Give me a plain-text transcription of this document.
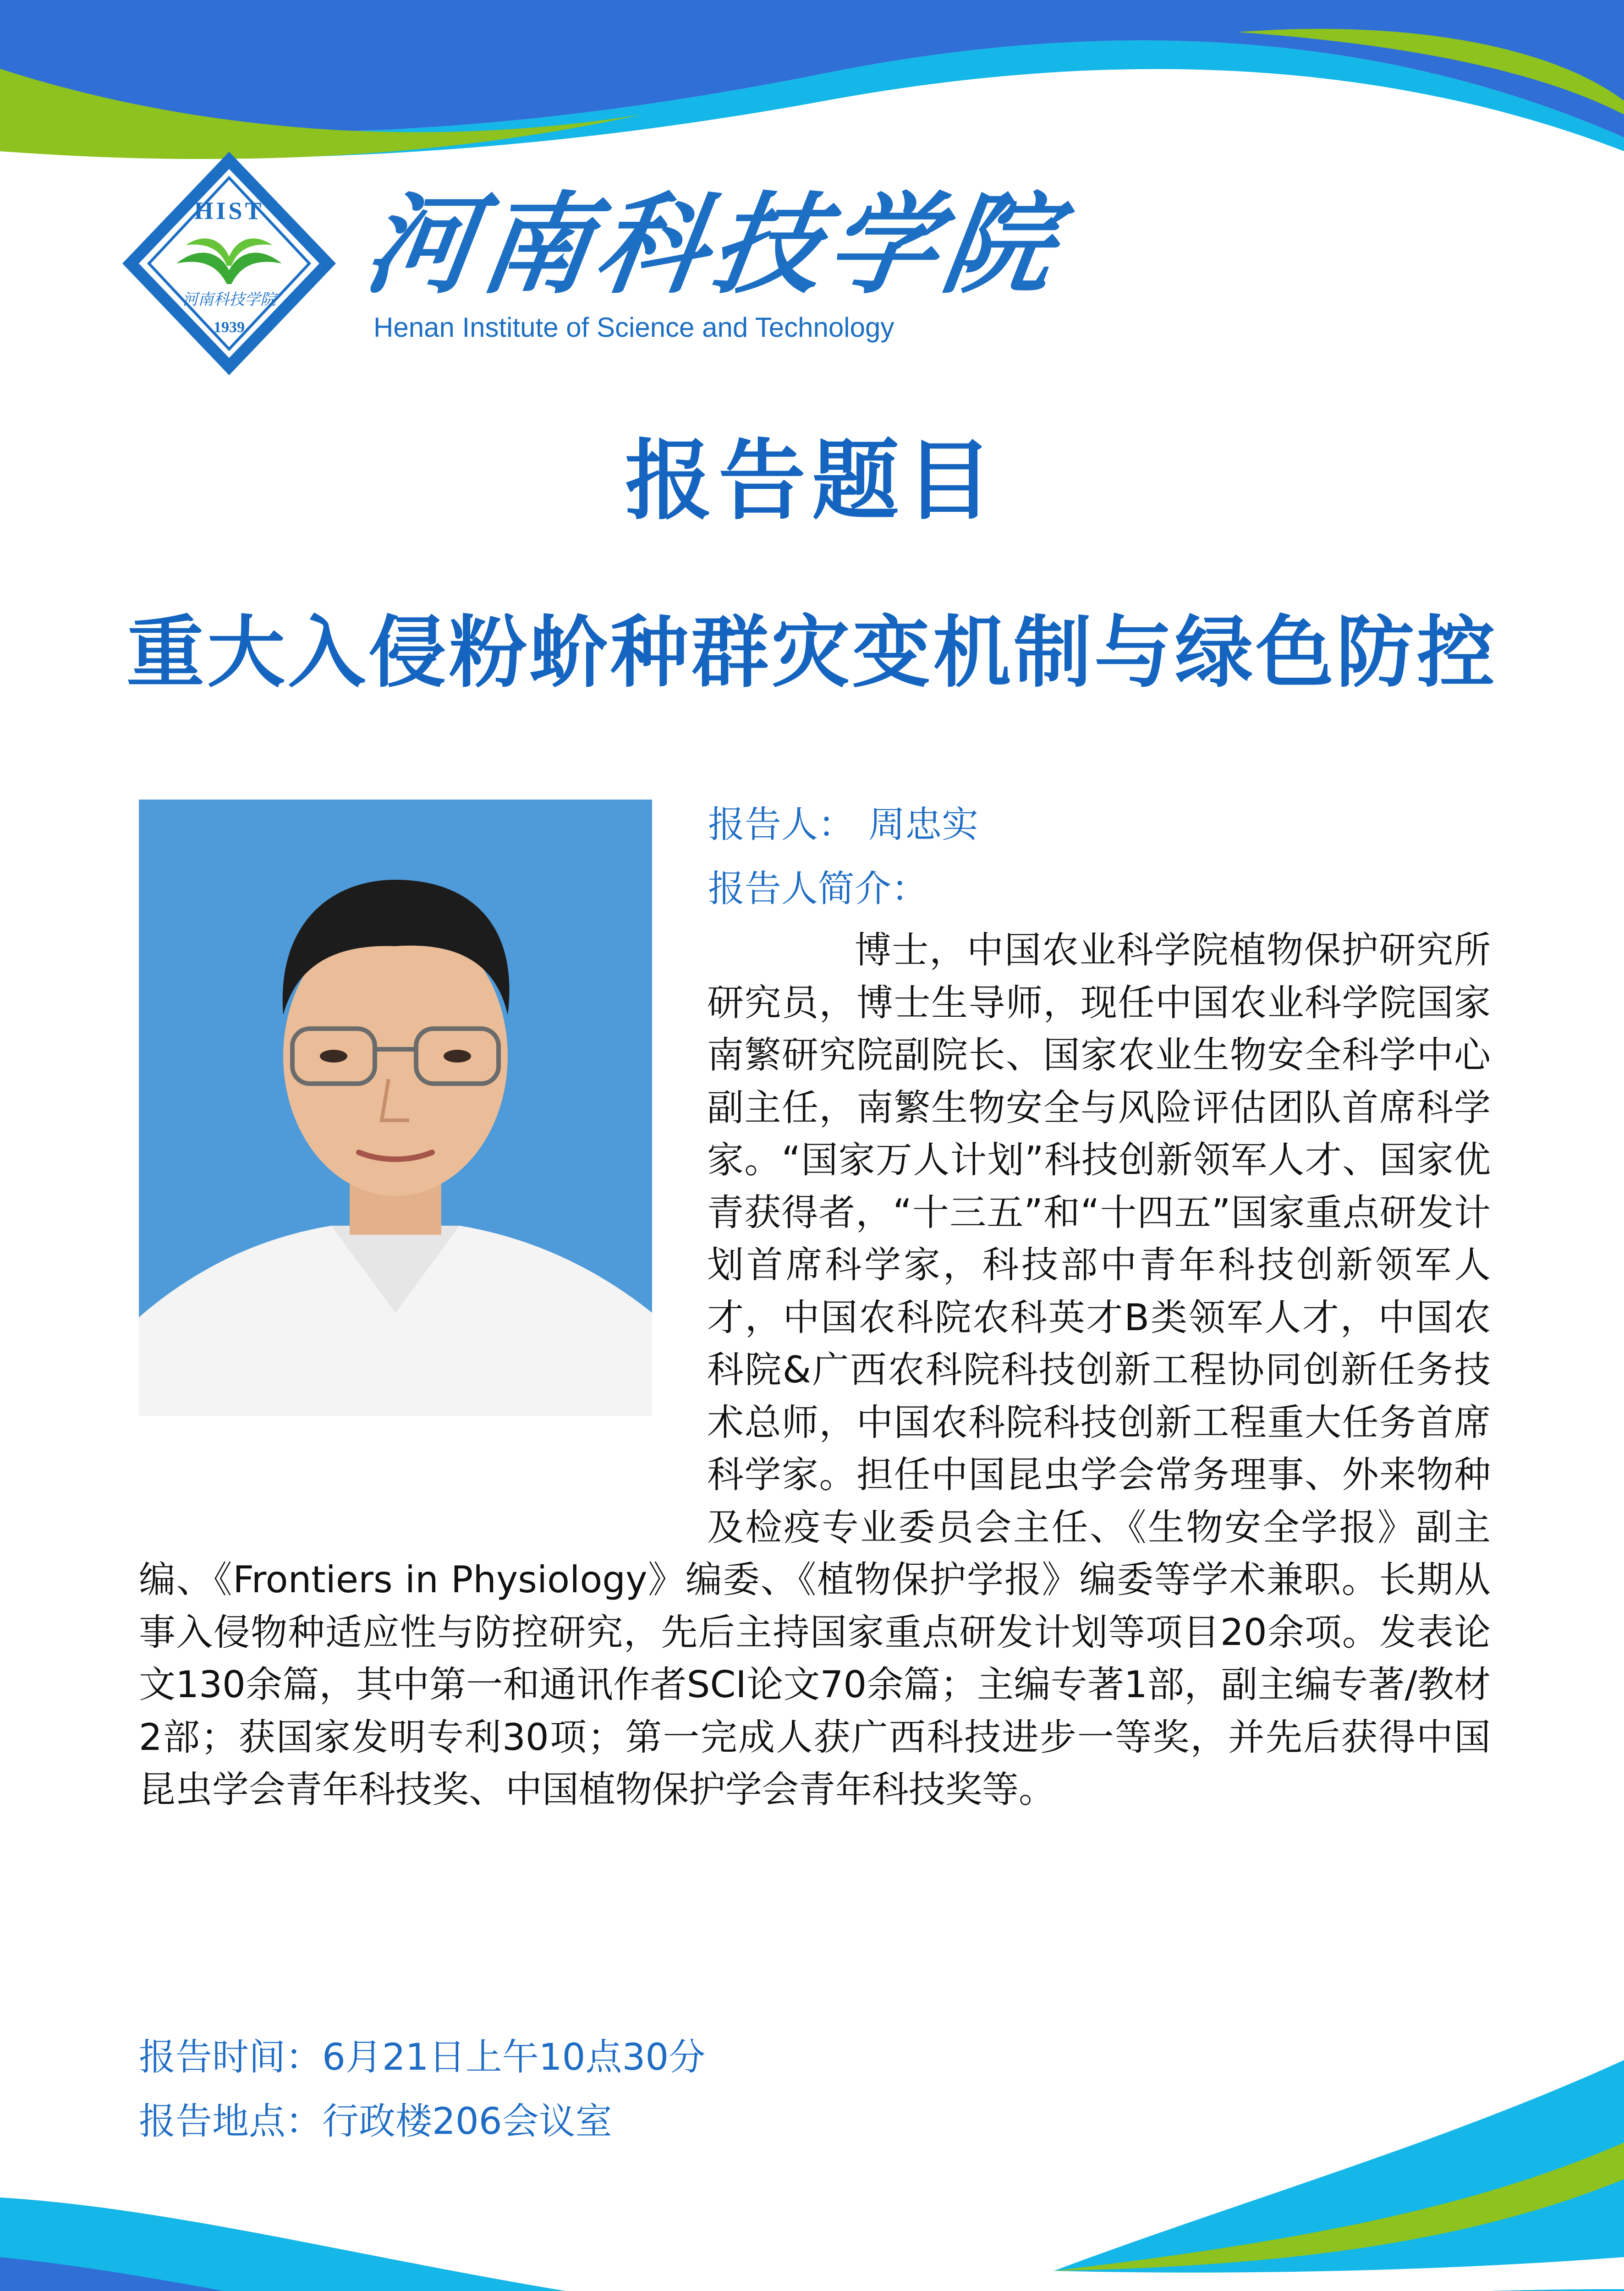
HIST
河南科技学院
1939
河南科技学院
Henan Institute of Science and Technology
报告题目
重大入侵粉蚧种群灾变机制与绿色防控
报告人： 周忠实
报告人简介：
博士，中国农业科学院植物保护研究所研究员，博士生导师，现任中国农业科学院国家南繁研究院副院长、国家农业生物安全科学中心副主任，南繁生物安全与风险评估团队首席科学家。“国家万人计划”科技创新领军人才、国家优青获得者，“十三五”和“十四五”国家重点研发计划首席科学家，科技部中青年科技创新领军人才，中国农科院农科英才B类领军人才，中国农科院&广西农科院科技创新工程协同创新任务技术总师，中国农科院科技创新工程重大任务首席科学家。担任中国昆虫学会常务理事、外来物种及检疫专业委员会主任、《生物安全学报》副主编、《Frontiers in Physiology》编委、《植物保护学报》编委等学术兼职。长期从事入侵物种适应性与防控研究，先后主持国家重点研发计划等项目20余项。发表论文130余篇，其中第一和通讯作者SCI论文70余篇；主编专著1部，副主编专著/教材2部；获国家发明专利30项；第一完成人获广西科技进步一等奖，并先后获得中国昆虫学会青年科技奖、中国植物保护学会青年科技奖等。
报告时间：6月21日上午10点30分
报告地点：行政楼206会议室
